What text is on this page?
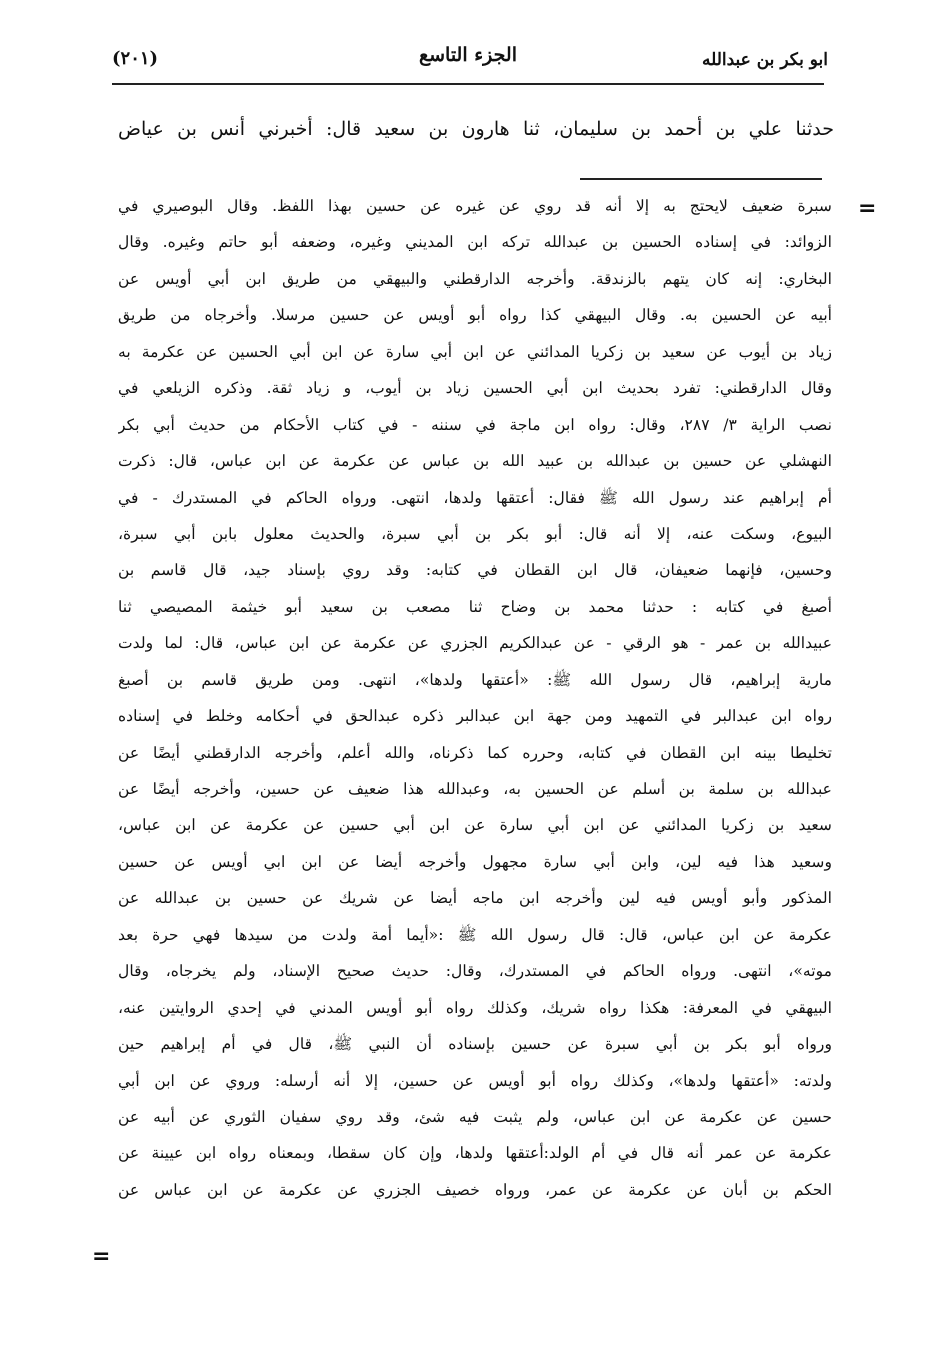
ابو بكر بن عبدالله
الجزء التاسع
(٢٠١)
حدثنا علي بن أحمد بن سليمان، ثنا هارون بن سعيد قال: أخبرني أنس بن عياض
=
سبرة ضعيف لايحتج به إلا أنه قد روي عن غيره عن حسين بهذا اللفظ. وقال البوصيري في
الزوائد: في إسناده الحسين بن عبدالله تركه ابن المديني وغيره، وضعفه أبو حاتم وغيره. وقال
البخاري: إنه كان يتهم بالزندقة. وأخرجه الدارقطني والبيهقي من طريق ابن أبي أويس عن
أبيه عن الحسين به. وقال البيهقي كذا رواه أبو أويس عن حسين مرسلا. وأخرجاه من طريق
زياد بن أيوب عن سعيد بن زكريا المدائني عن ابن أبي سارة عن ابن أبي الحسين عن عكرمة به
وقال الدارقطني: تفرد بحديث ابن أبي الحسين زياد بن أيوب، و زياد ثقة. وذكره الزيلعي في
نصب الراية ٣/ ٢٨٧، وقال: رواه ابن ماجة في سننه - في كتاب الأحكام من حديث أبي بكر
النهشلي عن حسين بن عبدالله بن عبيد الله بن عباس عن عكرمة عن ابن عباس، قال: ذكرت
أم إبراهيم عند رسول الله ﷺ فقال: أعتقها ولدها، انتهى. ورواه الحاكم في المستدرك - في
البيوع، وسكت عنه، إلا أنه قال: أبو بكر بن أبي سبرة، والحديث معلول بابن أبي سبرة،
وحسين، فإنهما ضعيفان، قال ابن القطان في كتابه: وقد روي بإسناد جيد، قال قاسم بن
أصبغ في كتابه : حدثنا محمد بن وضاح ثنا مصعب بن سعيد أبو خيثمة المصيصي ثنا
عبيدالله بن عمر - هو الرقي - عن عبدالكريم الجزري عن عكرمة عن ابن عباس، قال: لما ولدت
مارية إبراهيم، قال رسول الله ﷺ: «أعتقها ولدها»، انتهى. ومن طريق قاسم بن أصبغ
رواه ابن عبدالبر في التمهيد ومن جهة ابن عبدالبر ذكره عبدالحق في أحكامه وخلط في إسناده
تخليطا بينه ابن القطان في كتابه، وحرره كما ذكرناه، والله أعلم، وأخرجه الدارقطني أيضًا عن
عبدالله بن سلمة بن أسلم عن الحسين به، وعبدالله هذا ضعيف عن حسين، وأخرجه أيضًا عن
سعيد بن زكريا المدائني عن ابن أبي سارة عن ابن أبي حسين عن عكرمة عن ابن عباس،
وسعيد هذا فيه لين، وابن أبي سارة مجهول وأخرجه أيضا عن ابن ابي أويس عن حسين
المذكور وأبو أويس فيه لين وأخرجه ابن ماجه أيضا عن شريك عن حسين بن عبدالله عن
عكرمة عن ابن عباس، قال: قال رسول الله ﷺ :«أيما أمة ولدت من سيدها فهي حرة بعد
موته»، انتهى. ورواه الحاكم في المستدرك، وقال: حديث صحيح الإسناد، ولم يخرجاه، وقال
البيهقي في المعرفة: هكذا رواه شريك، وكذلك رواه أبو أويس المدني في إحدي الروايتين عنه،
ورواه أبو بكر بن أبي سبرة عن حسين بإسناده أن النبي ﷺ، قال في أم إبراهيم حين
ولدته: «أعتقها ولدها»، وكذلك رواه أبو أويس عن حسين، إلا أنه أرسله: وروي عن ابن أبي
حسين عن عكرمة عن ابن عباس، ولم يثبت فيه شئ، وقد روي سفيان الثوري عن أبيه عن
عكرمة عن عمر أنه قال في أم الولد:أعتقها ولدها، وإن كان سقطا، وبمعناه رواه ابن عيينة عن
الحكم بن أبان عن عكرمة عن عمر، ورواه خصيف الجزري عن عكرمة عن ابن عباس عن
=
